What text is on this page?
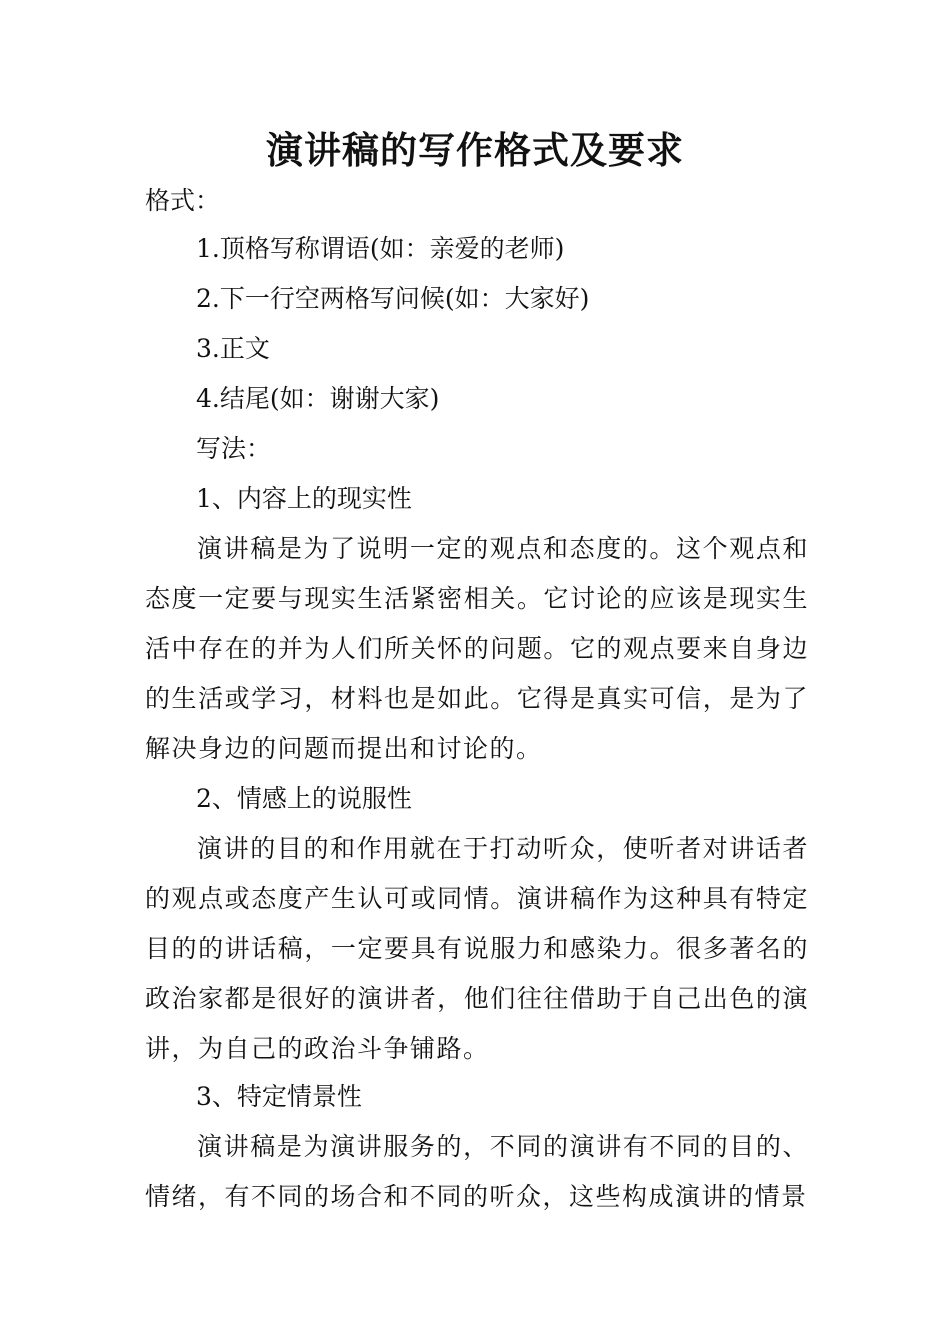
演讲稿的写作格式及要求
格式：
1.顶格写称谓语(如：亲爱的老师)
2.下一行空两格写问候(如：大家好)
3.正文
4.结尾(如：谢谢大家)
写法：
1、内容上的现实性
演讲稿是为了说明一定的观点和态度的。这个观点和态度一定要与现实生活紧密相关。它讨论的应该是现实生活中存在的并为人们所关怀的问题。它的观点要来自身边的生活或学习，材料也是如此。它得是真实可信，是为了解决身边的问题而提出和讨论的。
2、情感上的说服性
演讲的目的和作用就在于打动听众，使听者对讲话者的观点或态度产生认可或同情。演讲稿作为这种具有特定目的的讲话稿，一定要具有说服力和感染力。很多著名的政治家都是很好的演讲者，他们往往借助于自己出色的演讲，为自己的政治斗争铺路。
3、特定情景性
演讲稿是为演讲服务的，不同的演讲有不同的目的、情绪，有不同的场合和不同的听众，这些构成演讲的情景
